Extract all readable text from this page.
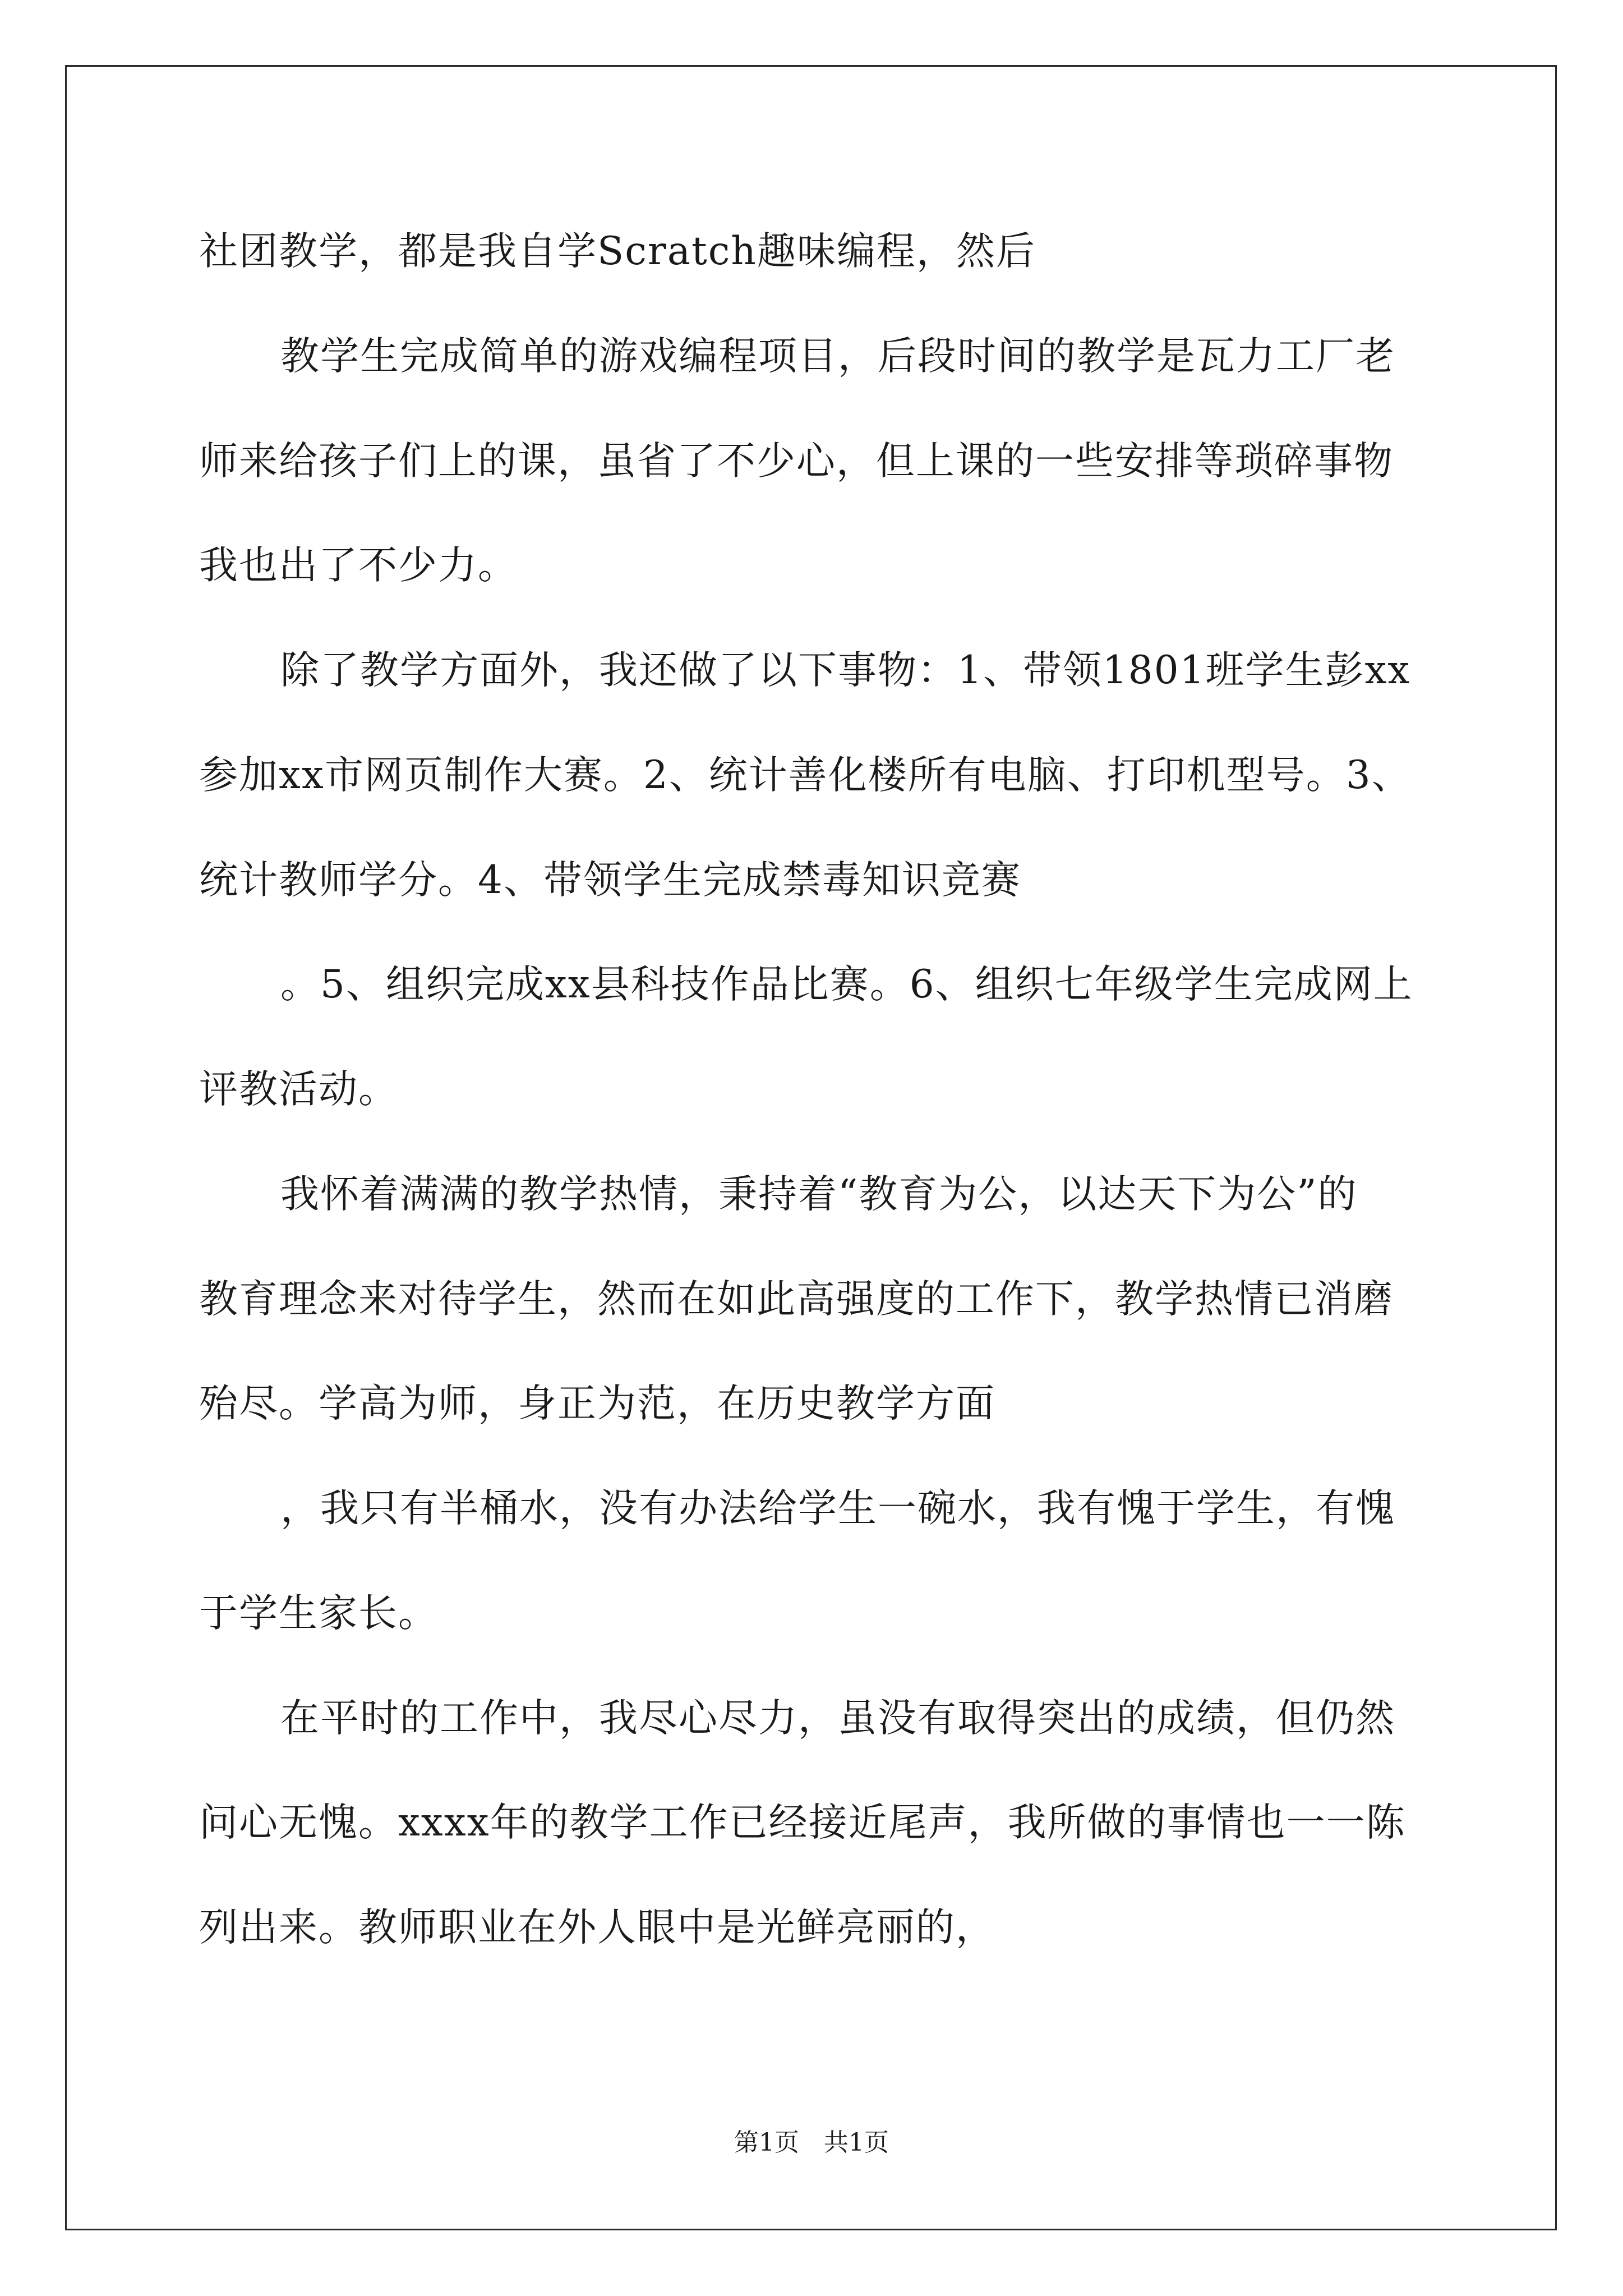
社团教学，都是我自学Scratch趣味编程，然后
教学生完成简单的游戏编程项目，后段时间的教学是瓦力工厂老
师来给孩子们上的课，虽省了不少心，但上课的一些安排等琐碎事物
我也出了不少力。
除了教学方面外，我还做了以下事物：1、带领1801班学生彭xx
参加xx市网页制作大赛。2、统计善化楼所有电脑、打印机型号。3、
统计教师学分。4、带领学生完成禁毒知识竞赛
。5、组织完成xx县科技作品比赛。6、组织七年级学生完成网上
评教活动。
我怀着满满的教学热情，秉持着“教育为公，以达天下为公”的
教育理念来对待学生，然而在如此高强度的工作下，教学热情已消磨
殆尽。学高为师，身正为范，在历史教学方面
，我只有半桶水，没有办法给学生一碗水，我有愧于学生，有愧
于学生家长。
在平时的工作中，我尽心尽力，虽没有取得突出的成绩，但仍然
问心无愧。xxxx年的教学工作已经接近尾声，我所做的事情也一一陈
列出来。教师职业在外人眼中是光鲜亮丽的，
第1页　共1页
